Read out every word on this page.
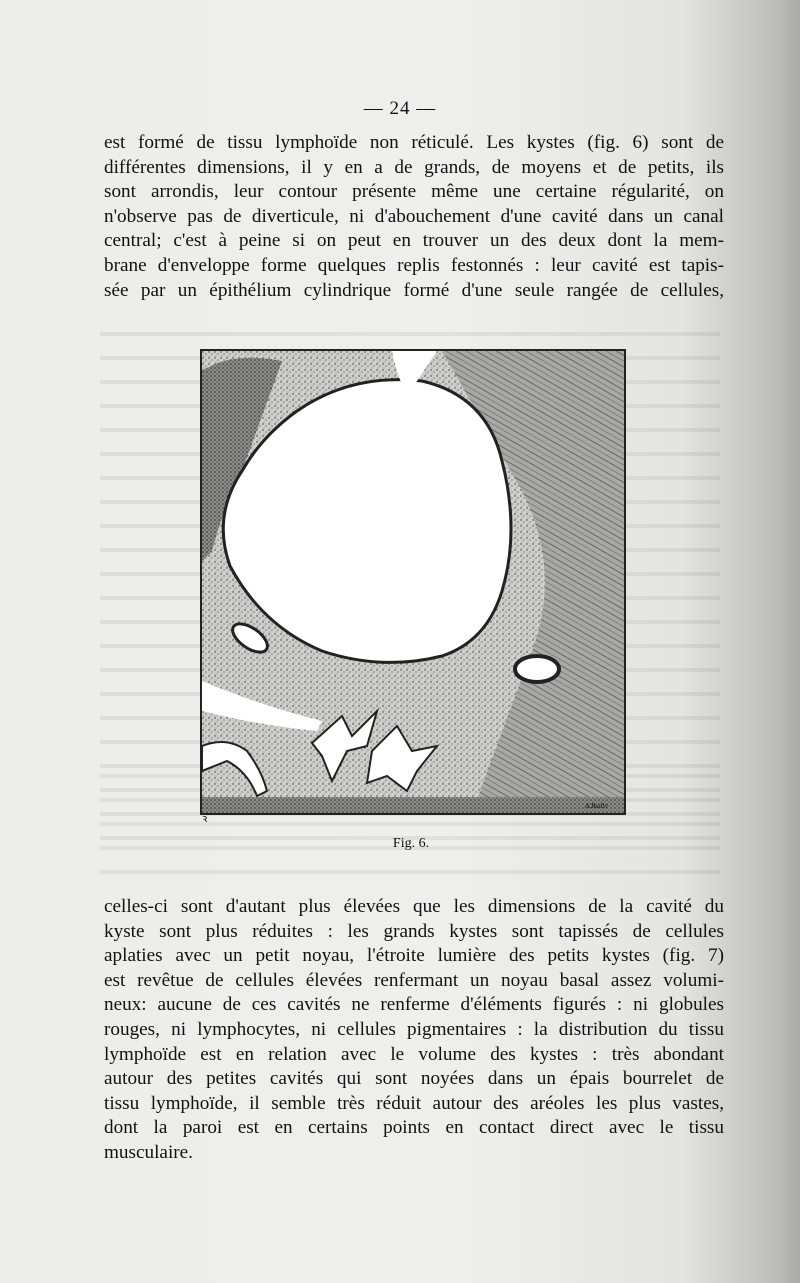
— 24 —
est formé de tissu lymphoïde non réticulé. Les kystes (fig. 6) sont de
différentes dimensions, il y en a de grands, de moyens et de petits, ils
sont arrondis, leur contour présente même une certaine régularité, on
n'observe pas de diverticule, ni d'abouchement d'une cavité dans un canal
central; c'est à peine si on peut en trouver un des deux dont la mem-
brane d'enveloppe forme quelques replis festonnés : leur cavité est tapis-
sée par un épithélium cylindrique formé d'une seule rangée de cellules,
ꝛ
A.Budin
Fig. 6.
celles-ci sont d'autant plus élevées que les dimensions de la cavité du
kyste sont plus réduites : les grands kystes sont tapissés de cellules
aplaties avec un petit noyau, l'étroite lumière des petits kystes (fig. 7)
est revêtue de cellules élevées renfermant un noyau basal assez volumi-
neux: aucune de ces cavités ne renferme d'éléments figurés : ni globules
rouges, ni lymphocytes, ni cellules pigmentaires : la distribution du tissu
lymphoïde est en relation avec le volume des kystes : très abondant
autour des petites cavités qui sont noyées dans un épais bourrelet de
tissu lymphoïde, il semble très réduit autour des aréoles les plus vastes,
dont la paroi est en certains points en contact direct avec le tissu
musculaire.
